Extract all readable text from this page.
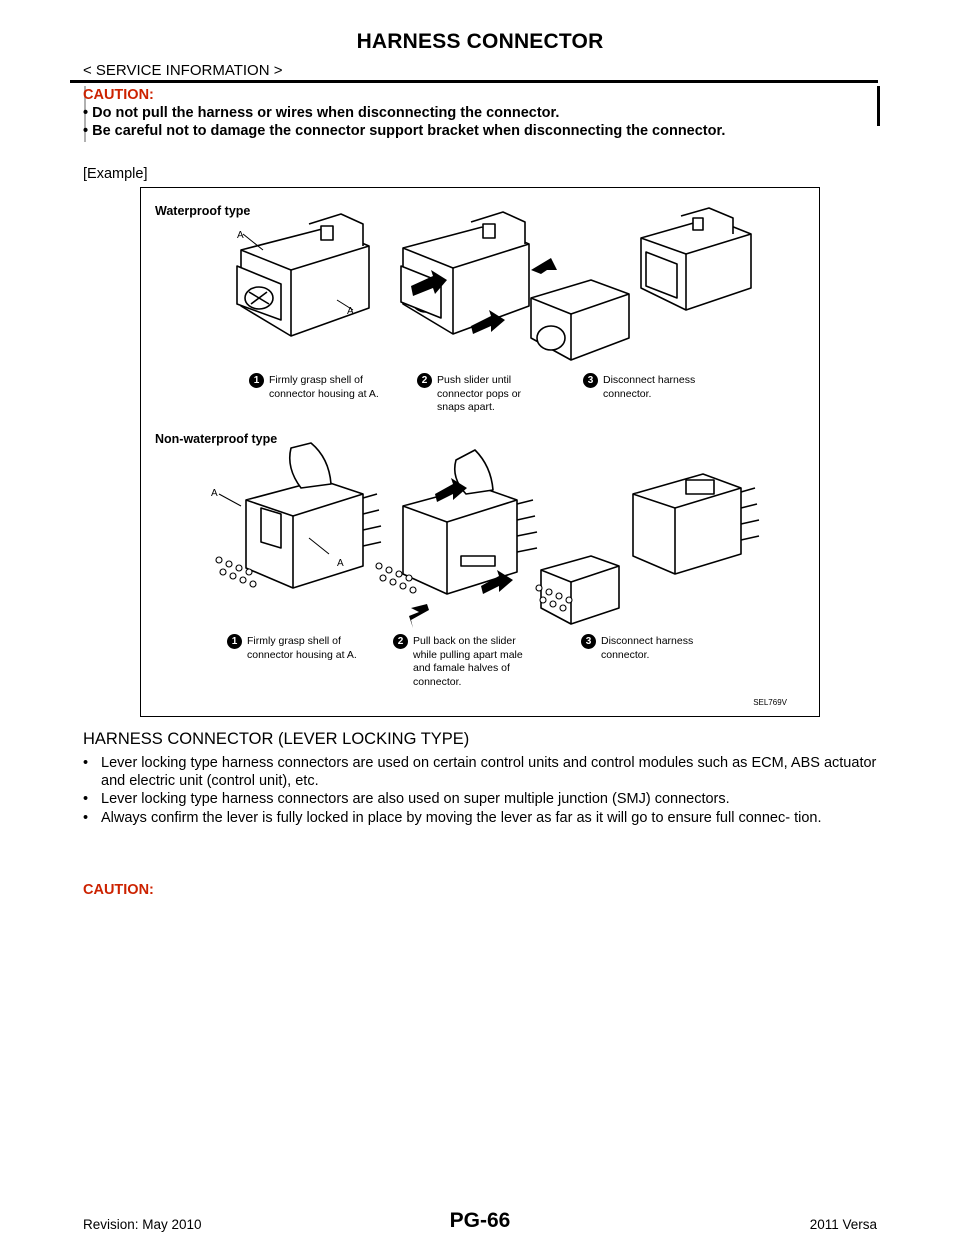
HARNESS CONNECTOR
< SERVICE INFORMATION >
CAUTION:
• Do not pull the harness or wires when disconnecting the connector.
• Be careful not to damage the connector support bracket when disconnecting the connector.
[Example]
Waterproof type
Non-waterproof type
A
A
A
A
1 Firmly grasp shell of connector housing at A.
2 Push slider until connector pops or snaps apart.
3 Disconnect harness connector.
1 Firmly grasp shell of connector housing at A.
2 Pull back on the slider while pulling apart male and famale halves of connector.
3 Disconnect harness connector.
SEL769V
HARNESS CONNECTOR (LEVER LOCKING TYPE)
• Lever locking type harness connectors are used on certain control units and control modules such as ECM, ABS actuator and electric unit (control unit), etc.
• Lever locking type harness connectors are also used on super multiple junction (SMJ) connectors.
• Always confirm the lever is fully locked in place by moving the lever as far as it will go to ensure full connec- tion.
CAUTION:
Revision: May 2010	PG-66	2011 Versa
